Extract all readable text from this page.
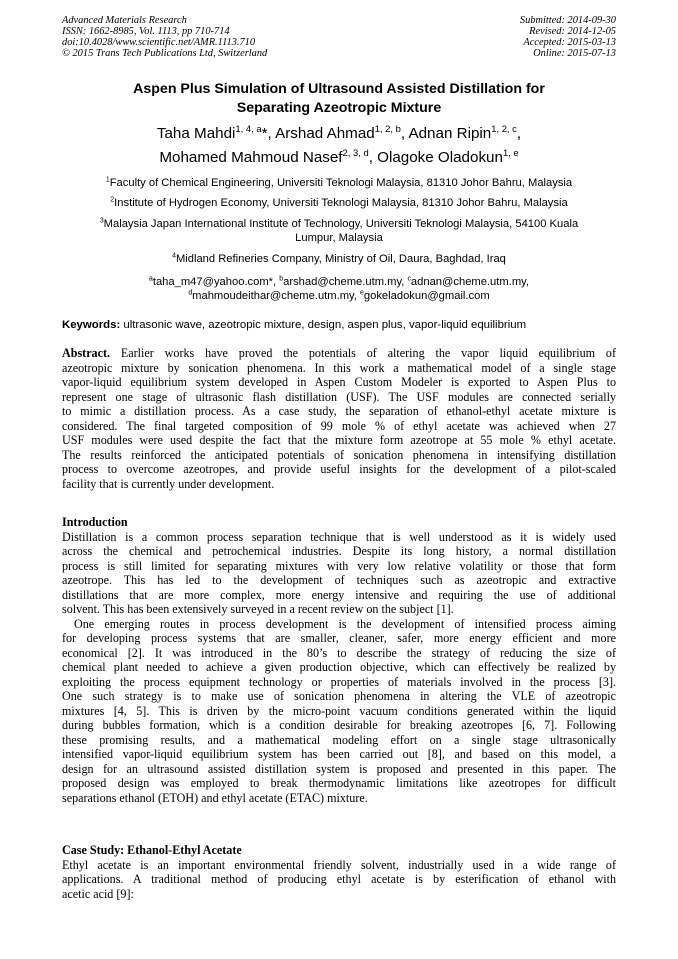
Advanced Materials Research
ISSN: 1662-8985, Vol. 1113, pp 710-714
doi:10.4028/www.scientific.net/AMR.1113.710
© 2015 Trans Tech Publications Ltd, Switzerland
Submitted: 2014-09-30
Revised: 2014-12-05
Accepted: 2015-03-13
Online: 2015-07-13
Aspen Plus Simulation of Ultrasound Assisted Distillation for
Separating Azeotropic Mixture
Taha Mahdi$^{1, 4, a}$*, Arshad Ahmad$^{1, 2, b}$, Adnan Ripin$^{1, 2, c}$,
Mohamed Mahmoud Nasef$^{2, 3, d}$, Olagoke Oladokun$^{1, e}$
$^1$Faculty of Chemical Engineering, Universiti Teknologi Malaysia, 81310 Johor Bahru, Malaysia
$^2$Institute of Hydrogen Economy, Universiti Teknologi Malaysia, 81310 Johor Bahru, Malaysia
$^3$Malaysia Japan International Institute of Technology, Universiti Teknologi Malaysia, 54100 Kuala
Lumpur, Malaysia
$^4$Midland Refineries Company, Ministry of Oil, Daura, Baghdad, Iraq
$^a$taha_m47@yahoo.com*, $^b$arshad@cheme.utm.my, $^c$adnan@cheme.utm.my,
$^d$mahmoudeithar@cheme.utm.my, $^e$gokeladokun@gmail.com
Keywords: ultrasonic wave, azeotropic mixture, design, aspen plus, vapor-liquid equilibrium
Abstract. Earlier works have proved the potentials of altering the vapor liquid equilibrium of
azeotropic mixture by sonication phenomena. In this work a mathematical model of a single stage
vapor-liquid equilibrium system developed in Aspen Custom Modeler is exported to Aspen Plus to
represent one stage of ultrasonic flash distillation (USF). The USF modules are connected serially
to mimic a distillation process. As a case study, the separation of ethanol-ethyl acetate mixture is
considered. The final targeted composition of 99 mole % of ethyl acetate was achieved when 27
USF modules were used despite the fact that the mixture form azeotrope at 55 mole % ethyl acetate.
The results reinforced the anticipated potentials of sonication phenomena in intensifying distillation
process to overcome azeotropes, and provide useful insights for the development of a pilot-scaled
facility that is currently under development.
Introduction
Distillation is a common process separation technique that is well understood as it is widely used
across the chemical and petrochemical industries. Despite its long history, a normal distillation
process is still limited for separating mixtures with very low relative volatility or those that form
azeotrope. This has led to the development of techniques such as azeotropic and extractive
distillations that are more complex, more energy intensive and requiring the use of additional
solvent. This has been extensively surveyed in a recent review on the subject [1].
One emerging routes in process development is the development of intensified process aiming
for developing process systems that are smaller, cleaner, safer, more energy efficient and more
economical [2]. It was introduced in the 80’s to describe the strategy of reducing the size of
chemical plant needed to achieve a given production objective, which can effectively be realized by
exploiting the process equipment technology or properties of materials involved in the process [3].
One such strategy is to make use of sonication phenomena in altering the VLE of azeotropic
mixtures [4, 5]. This is driven by the micro-point vacuum conditions generated within the liquid
during bubbles formation, which is a condition desirable for breaking azeotropes [6, 7]. Following
these promising results, and a mathematical modeling effort on a single stage ultrasonically
intensified vapor-liquid equilibrium system has been carried out [8], and based on this model, a
design for an ultrasound assisted distillation system is proposed and presented in this paper. The
proposed design was employed to break thermodynamic limitations like azeotropes for difficult
separations ethanol (ETOH) and ethyl acetate (ETAC) mixture.
Case Study: Ethanol-Ethyl Acetate
Ethyl acetate is an important environmental friendly solvent, industrially used in a wide range of
applications. A traditional method of producing ethyl acetate is by esterification of ethanol with
acetic acid [9]:
